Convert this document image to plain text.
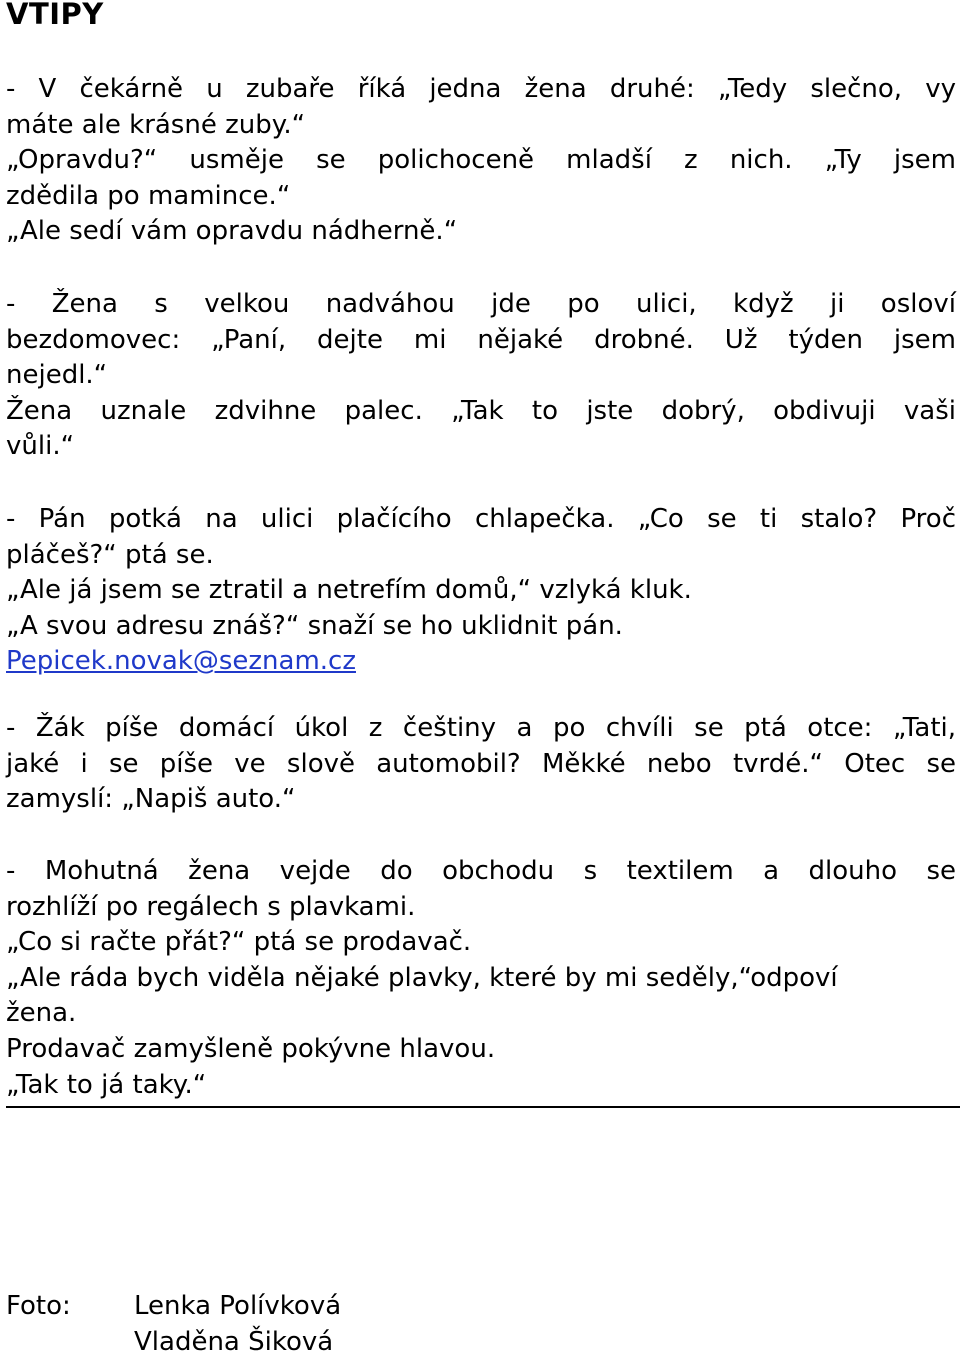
VTIPY
- V čekárně u zubaře říká jedna žena druhé: „Tedy slečno, vy
máte ale krásné zuby.“
„Opravdu?“ usměje se polichoceně mladší z nich. „Ty jsem
zdědila po mamince.“
„Ale sedí vám opravdu nádherně.“
- Žena s velkou nadváhou jde po ulici, když ji osloví
bezdomovec: „Paní, dejte mi nějaké drobné. Už týden jsem
nejedl.“
Žena uznale zdvihne palec. „Tak to jste dobrý, obdivuji vaši
vůli.“
- Pán potká na ulici plačícího chlapečka. „Co se ti stalo? Proč
pláčeš?“ ptá se.
„Ale já jsem se ztratil a netrefím domů,“ vzlyká kluk.
„A svou adresu znáš?“ snaží se ho uklidnit pán.
Pepicek.novak@seznam.cz
- Žák píše domácí úkol z češtiny a po chvíli se ptá otce: „Tati,
jaké i se píše ve slově automobil? Měkké nebo tvrdé.“ Otec se
zamyslí: „Napiš auto.“
- Mohutná žena vejde do obchodu s textilem a dlouho se
rozhlíží po regálech s plavkami.
„Co si račte přát?“ ptá se prodavač.
„Ale ráda bych viděla nějaké plavky, které by mi seděly,“odpoví
žena.
Prodavač zamyšleně pokývne hlavou.
„Tak to já taky.“
Foto: Lenka Polívková
Vladěna Šiková
